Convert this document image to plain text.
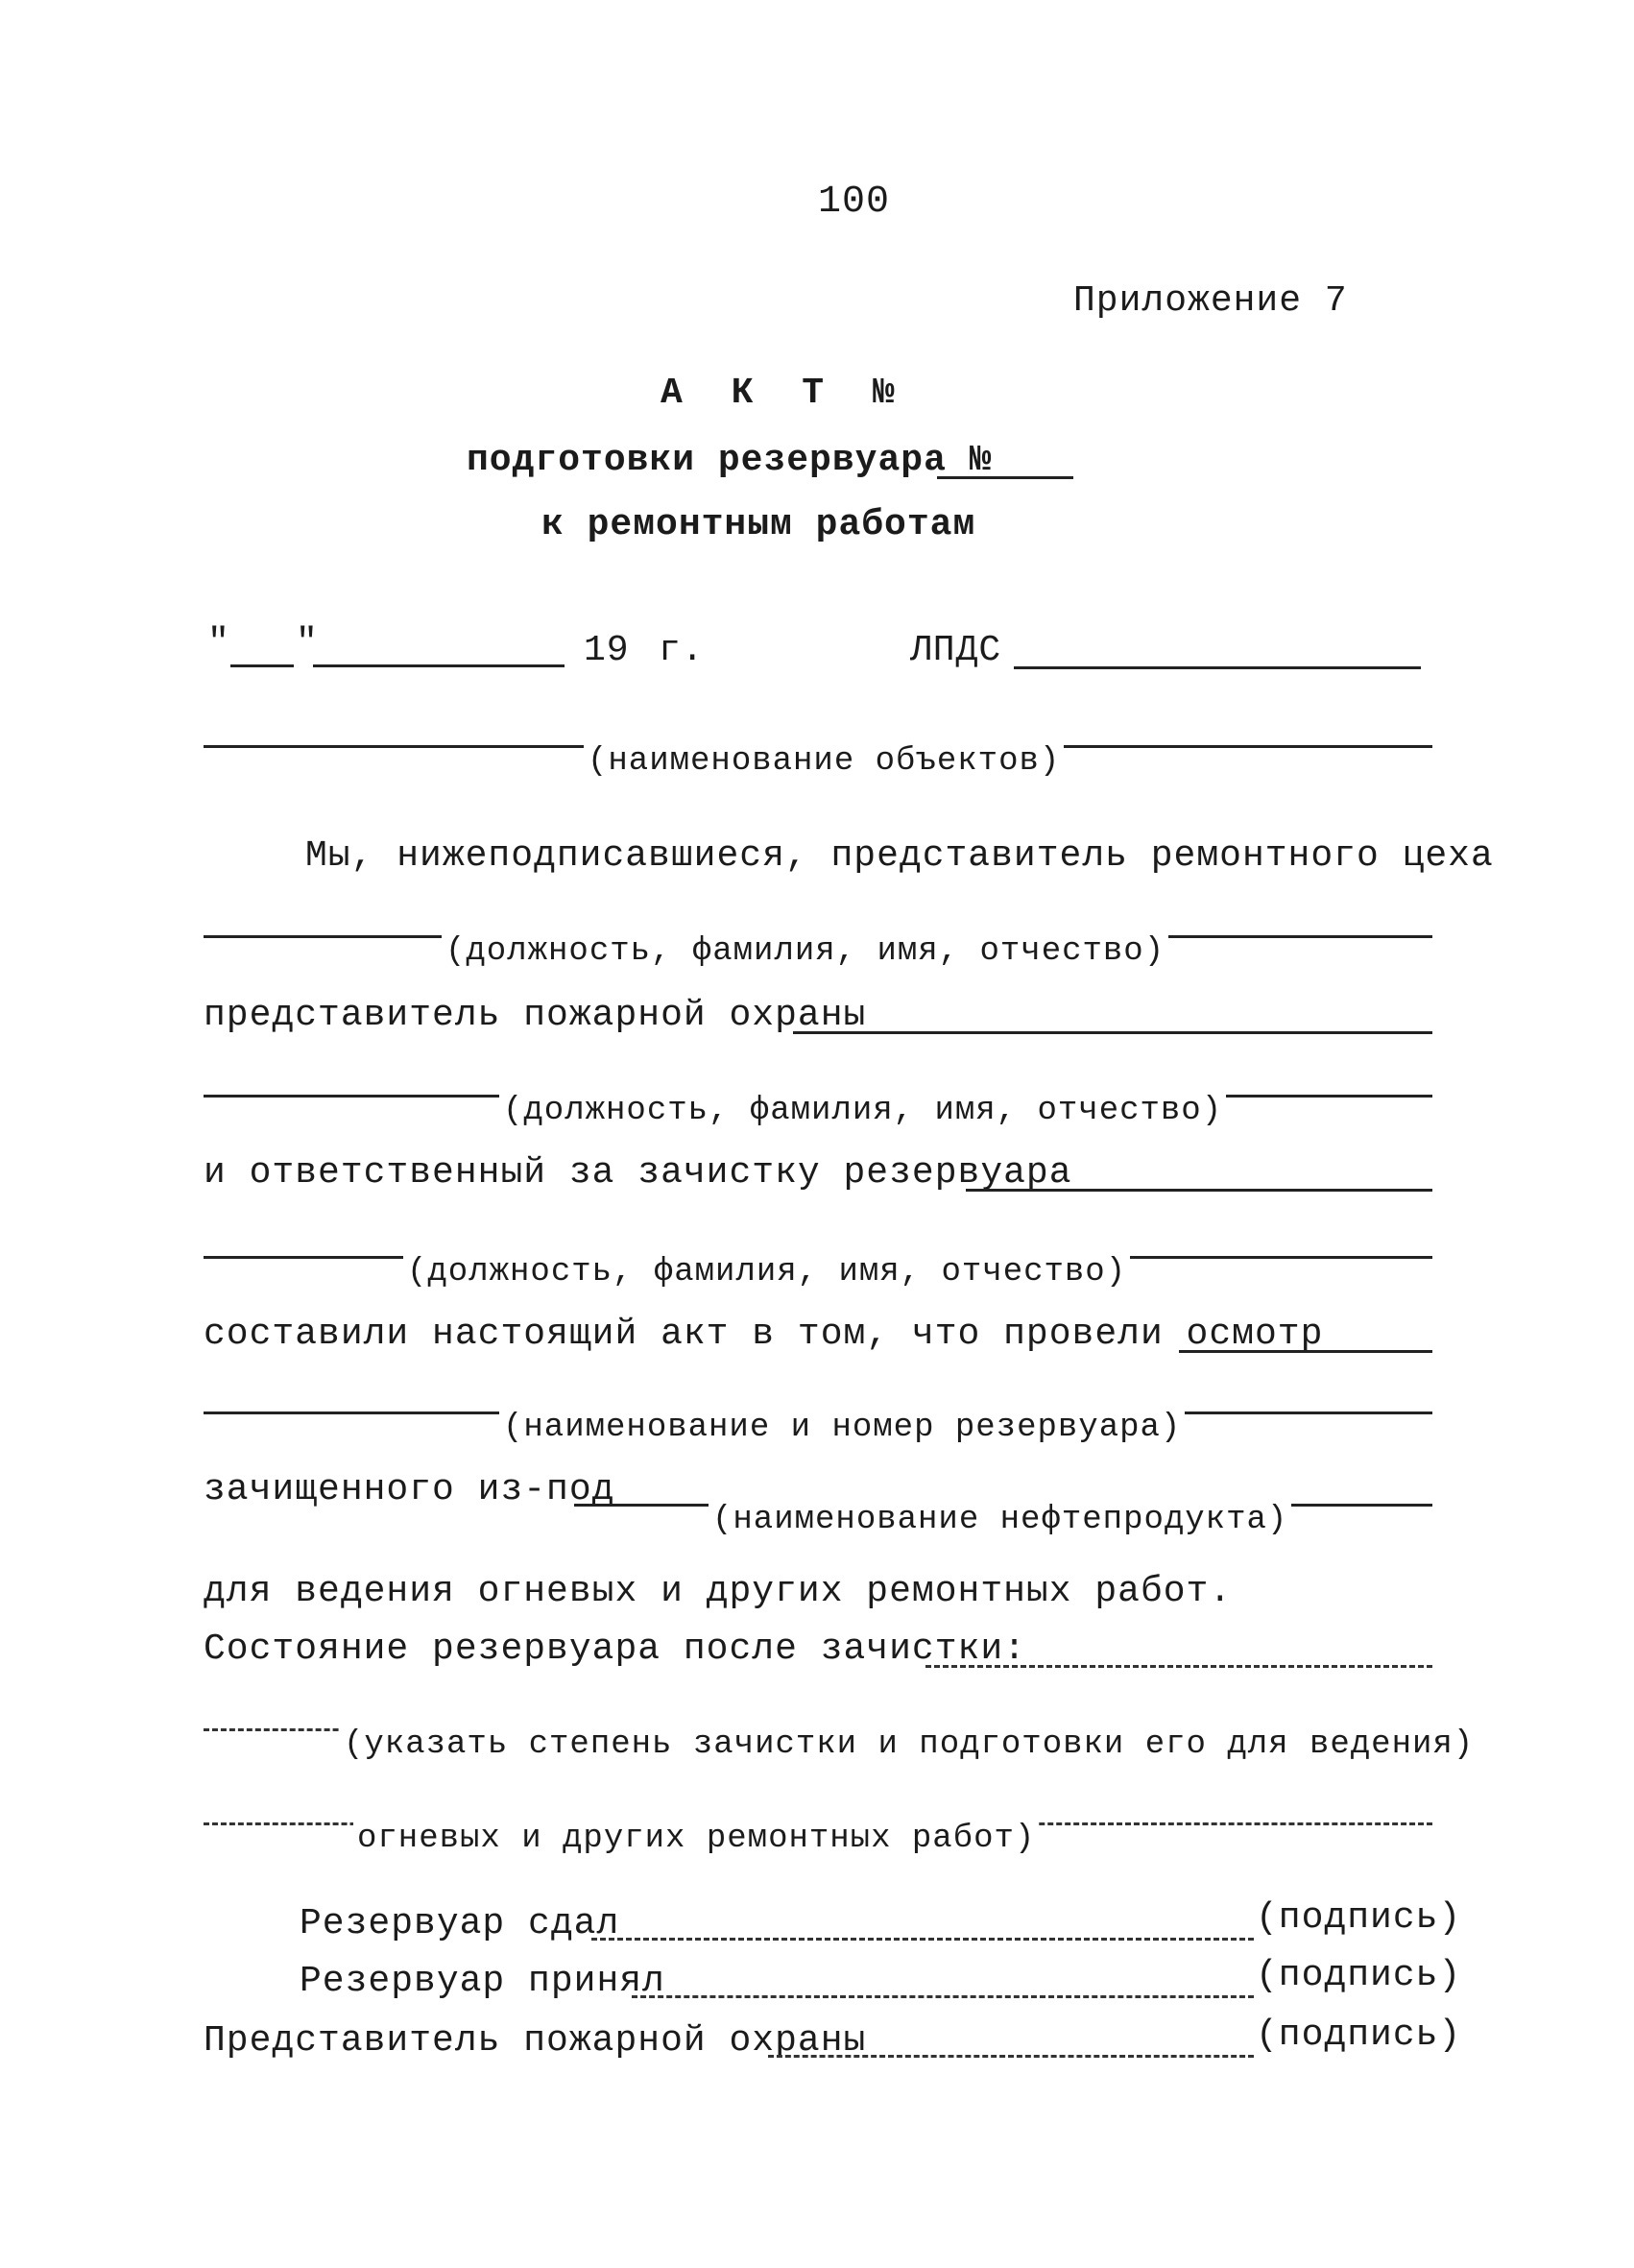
100
Приложение 7
А К Т №
подготовки резервуара №
к ремонтным работам
" "	19 г.	ЛПДС
(наименование объектов)
Мы, нижеподписавшиеся, представитель ремонтного цеха
(должность, фамилия, имя, отчество)
представитель пожарной охраны
(должность, фамилия, имя, отчество)
и ответственный за зачистку резервуара
(должность, фамилия, имя, отчество)
составили настоящий акт в том, что провели осмотр
(наименование и номер резервуара)
зачищенного из-под
(наименование нефтепродукта)
для ведения огневых и других ремонтных работ.
Состояние резервуара после зачистки:
(указать степень зачистки и подготовки его для ведения)
огневых и других ремонтных работ)
Резервуар сдал	(подпись)
Резервуар принял	(подпись)
Представитель пожарной охраны	(подпись)
